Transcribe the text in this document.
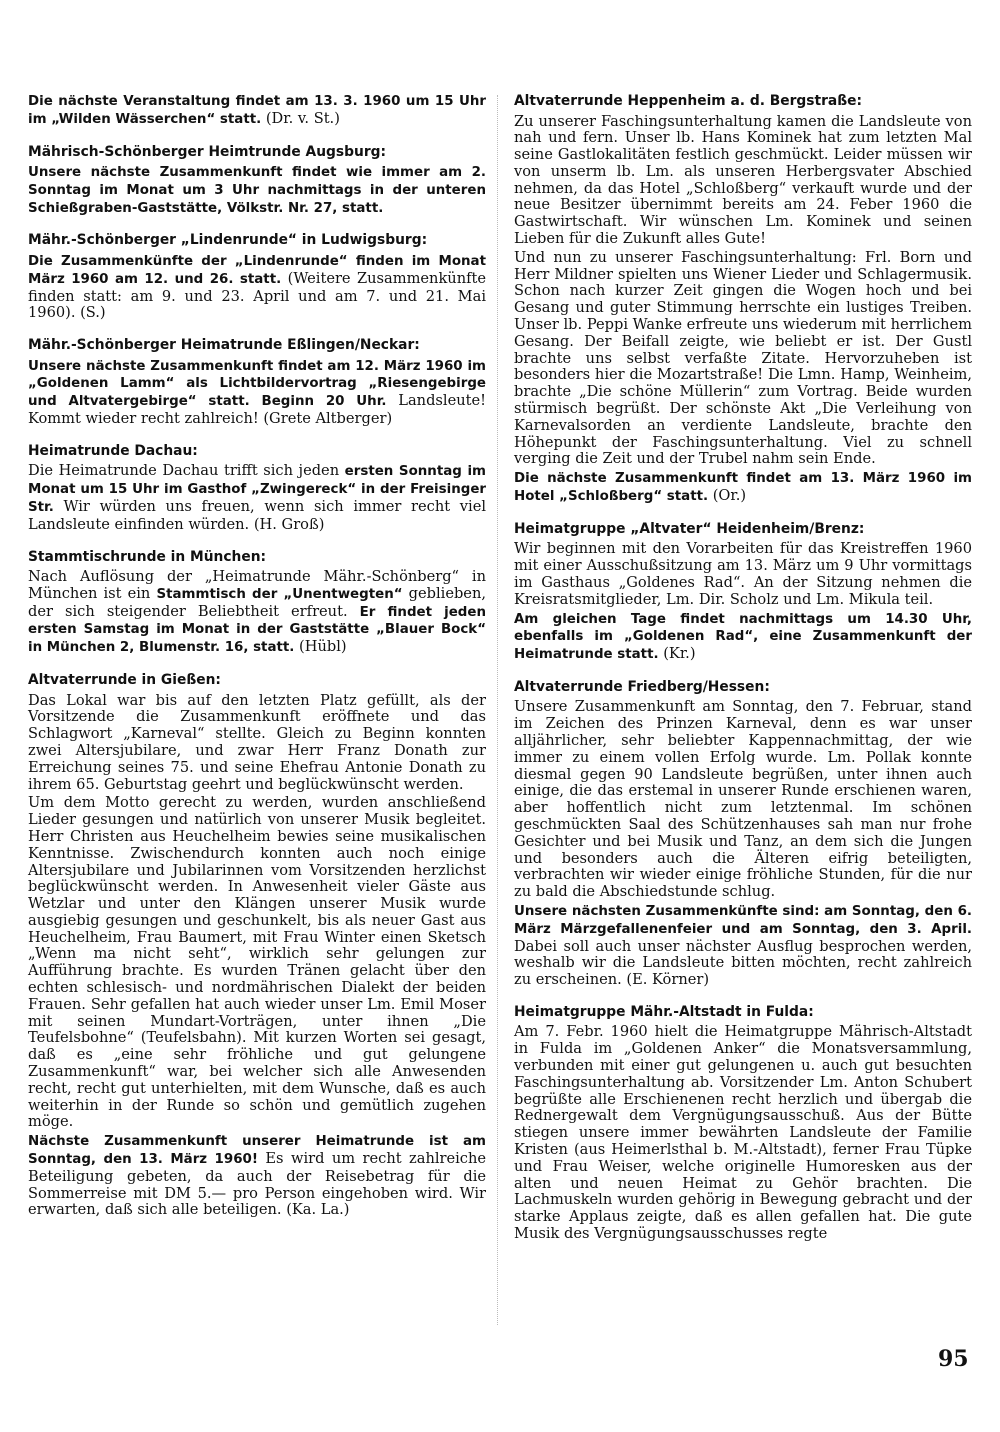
Die nächste Veranstaltung findet am 13. 3. 1960 um 15 Uhr im „Wilden Wässerchen“ statt. (Dr. v. St.)

Mährisch-Schönberger Heimtrunde Augsburg:

Unsere nächste Zusammenkunft findet wie immer am 2. Sonntag im Monat um 3 Uhr nachmittags in der unteren Schießgraben-Gaststätte, Völkstr. Nr. 27, statt.

Mähr.-Schönberger „Lindenrunde“ in Ludwigsburg:

Die Zusammenkünfte der „Lindenrunde“ finden im Monat März 1960 am 12. und 26. statt. (Weitere Zusammenkünfte finden statt: am 9. und 23. April und am 7. und 21. Mai 1960). (S.)

Mähr.-Schönberger Heimatrunde Eßlingen/Neckar:

Unsere nächste Zusammenkunft findet am 12. März 1960 im „Goldenen Lamm“ als Lichtbildervortrag „Riesengebirge und Altvatergebirge“ statt. Beginn 20 Uhr. Landsleute! Kommt wieder recht zahlreich! (Grete Altberger)

Heimatrunde Dachau:

Die Heimatrunde Dachau trifft sich jeden ersten Sonntag im Monat um 15 Uhr im Gasthof „Zwingereck“ in der Freisinger Str. Wir würden uns freuen, wenn sich immer recht viel Landsleute einfinden würden. (H. Groß)

Stammtischrunde in München:

Nach Auflösung der „Heimatrunde Mähr.-Schönberg“ in München ist ein Stammtisch der „Unentwegten“ geblieben, der sich steigender Beliebtheit erfreut. Er findet jeden ersten Samstag im Monat in der Gaststätte „Blauer Bock“ in München 2, Blumenstr. 16, statt. (Hübl)

Altvaterrunde in Gießen:

Das Lokal war bis auf den letzten Platz gefüllt, als der Vorsitzende die Zusammenkunft eröffnete und das Schlagwort „Karneval“ stellte. Gleich zu Beginn konnten zwei Altersjubilare, und zwar Herr Franz Donath zur Erreichung seines 75. und seine Ehefrau Antonie Donath zu ihrem 65. Geburtstag geehrt und beglückwünscht werden.

Um dem Motto gerecht zu werden, wurden anschließend Lieder gesungen und natürlich von unserer Musik begleitet. Herr Christen aus Heuchelheim bewies seine musikalischen Kenntnisse. Zwischendurch konnten auch noch einige Altersjubilare und Jubilarinnen vom Vorsitzenden herzlichst beglückwünscht werden. In Anwesenheit vieler Gäste aus Wetzlar und unter den Klängen unserer Musik wurde ausgiebig gesungen und geschunkelt, bis als neuer Gast aus Heuchelheim, Frau Baumert, mit Frau Winter einen Sketsch „Wenn ma nicht seht“, wirklich sehr gelungen zur Aufführung brachte. Es wurden Tränen gelacht über den echten schlesisch- und nordmährischen Dialekt der beiden Frauen. Sehr gefallen hat auch wieder unser Lm. Emil Moser mit seinen Mundart-Vorträgen, unter ihnen „Die Teufelsbohne“ (Teufelsbahn). Mit kurzen Worten sei gesagt, daß es „eine sehr fröhliche und gut gelungene Zusammenkunft“ war, bei welcher sich alle Anwesenden recht, recht gut unterhielten, mit dem Wunsche, daß es auch weiterhin in der Runde so schön und gemütlich zugehen möge.

Nächste Zusammenkunft unserer Heimatrunde ist am Sonntag, den 13. März 1960! Es wird um recht zahlreiche Beteiligung gebeten, da auch der Reisebetrag für die Sommerreise mit DM 5.— pro Person eingehoben wird. Wir erwarten, daß sich alle beteiligen. (Ka. La.)

Altvaterrunde Heppenheim a. d. Bergstraße:

Zu unserer Faschingsunterhaltung kamen die Landsleute von nah und fern. Unser lb. Hans Kominek hat zum letzten Mal seine Gastlokalitäten festlich geschmückt. Leider müssen wir von unserm lb. Lm. als unseren Herbergsvater Abschied nehmen, da das Hotel „Schloßberg“ verkauft wurde und der neue Besitzer übernimmt bereits am 24. Feber 1960 die Gastwirtschaft. Wir wünschen Lm. Kominek und seinen Lieben für die Zukunft alles Gute!

Und nun zu unserer Faschingsunterhaltung: Frl. Born und Herr Mildner spielten uns Wiener Lieder und Schlagermusik. Schon nach kurzer Zeit gingen die Wogen hoch und bei Gesang und guter Stimmung herrschte ein lustiges Treiben. Unser lb. Peppi Wanke erfreute uns wiederum mit herrlichem Gesang. Der Beifall zeigte, wie beliebt er ist. Der Gustl brachte uns selbst verfaßte Zitate. Hervorzuheben ist besonders hier die Mozartstraße! Die Lmn. Hamp, Weinheim, brachte „Die schöne Müllerin“ zum Vortrag. Beide wurden stürmisch begrüßt. Der schönste Akt „Die Verleihung von Karnevalsorden an verdiente Landsleute, brachte den Höhepunkt der Faschingsunterhaltung. Viel zu schnell verging die Zeit und der Trubel nahm sein Ende.

Die nächste Zusammenkunft findet am 13. März 1960 im Hotel „Schloßberg“ statt. (Or.)

Heimatgruppe „Altvater“ Heidenheim/Brenz:

Wir beginnen mit den Vorarbeiten für das Kreistreffen 1960 mit einer Ausschußsitzung am 13. März um 9 Uhr vormittags im Gasthaus „Goldenes Rad“. An der Sitzung nehmen die Kreisratsmitglieder, Lm. Dir. Scholz und Lm. Mikula teil.

Am gleichen Tage findet nachmittags um 14.30 Uhr, ebenfalls im „Goldenen Rad“, eine Zusammenkunft der Heimatrunde statt. (Kr.)

Altvaterrunde Friedberg/Hessen:

Unsere Zusammenkunft am Sonntag, den 7. Februar, stand im Zeichen des Prinzen Karneval, denn es war unser alljährlicher, sehr beliebter Kappennachmittag, der wie immer zu einem vollen Erfolg wurde. Lm. Pollak konnte diesmal gegen 90 Landsleute begrüßen, unter ihnen auch einige, die das erstemal in unserer Runde erschienen waren, aber hoffentlich nicht zum letztenmal. Im schönen geschmückten Saal des Schützenhauses sah man nur frohe Gesichter und bei Musik und Tanz, an dem sich die Jungen und besonders auch die Älteren eifrig beteiligten, verbrachten wir wieder einige fröhliche Stunden, für die nur zu bald die Abschiedstunde schlug.

Unsere nächsten Zusammenkünfte sind: am Sonntag, den 6. März Märzgefallenenfeier und am Sonntag, den 3. April. Dabei soll auch unser nächster Ausflug besprochen werden, weshalb wir die Landsleute bitten möchten, recht zahlreich zu erscheinen. (E. Körner)

Heimatgruppe Mähr.-Altstadt in Fulda:

Am 7. Febr. 1960 hielt die Heimatgruppe Mährisch-Altstadt in Fulda im „Goldenen Anker“ die Monatsversammlung, verbunden mit einer gut gelungenen u. auch gut besuchten Faschingsunterhaltung ab. Vorsitzender Lm. Anton Schubert begrüßte alle Erschienenen recht herzlich und übergab die Rednergewalt dem Vergnügungsausschuß. Aus der Bütte stiegen unsere immer bewährten Landsleute der Familie Kristen (aus Heimerlsthal b. M.-Altstadt), ferner Frau Tüpke und Frau Weiser, welche originelle Humoresken aus der alten und neuen Heimat zu Gehör brachten. Die Lachmuskeln wurden gehörig in Bewegung gebracht und der starke Applaus zeigte, daß es allen gefallen hat. Die gute Musik des Vergnügungsausschusses regte

95
